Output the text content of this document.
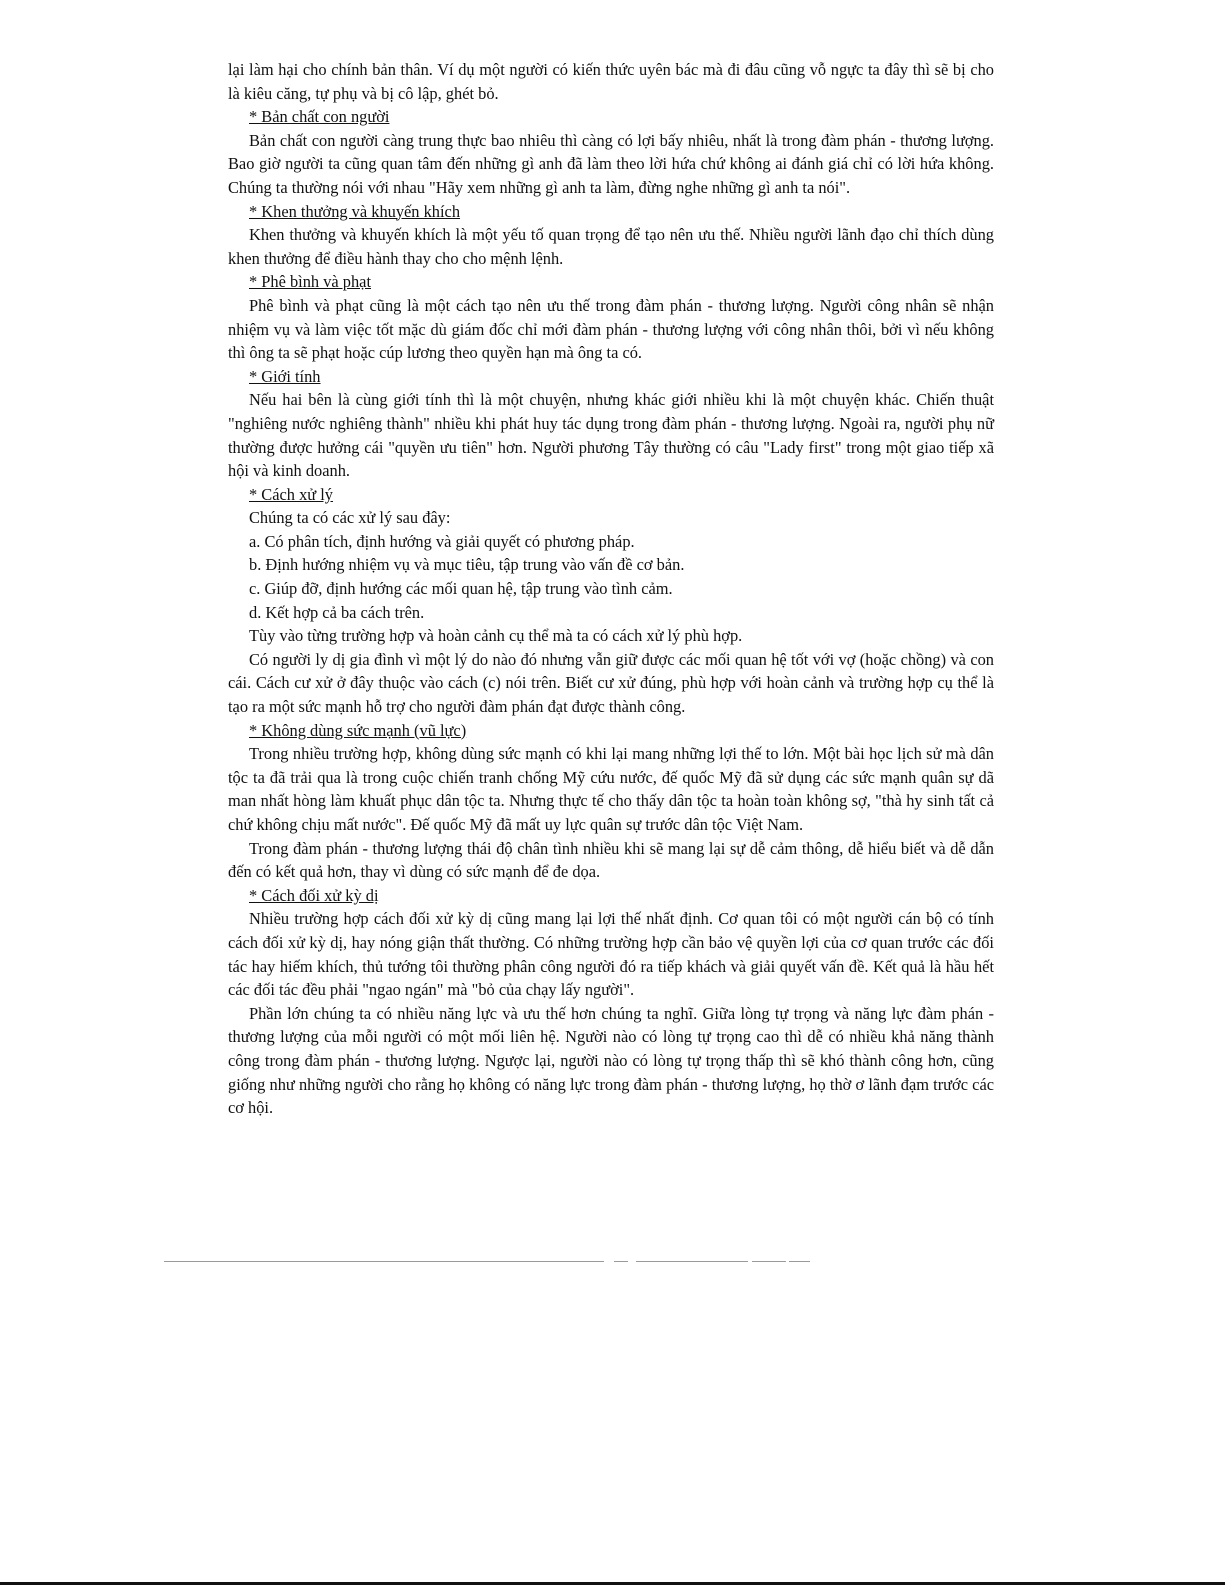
lại làm hại cho chính bản thân. Ví dụ một người có kiến thức uyên bác mà đi đâu cũng vỗ ngực ta đây thì sẽ bị cho là kiêu căng, tự phụ và bị cô lập, ghét bỏ.

* Bản chất con người

Bản chất con người càng trung thực bao nhiêu thì càng có lợi bấy nhiêu, nhất là trong đàm phán - thương lượng. Bao giờ người ta cũng quan tâm đến những gì anh đã làm theo lời hứa chứ không ai đánh giá chỉ có lời hứa không. Chúng ta thường nói với nhau "Hãy xem những gì anh ta làm, đừng nghe những gì anh ta nói".

* Khen thưởng và khuyến khích

Khen thưởng và khuyến khích là một yếu tố quan trọng để tạo nên ưu thế. Nhiều người lãnh đạo chỉ thích dùng khen thưởng để điều hành thay cho cho mệnh lệnh.

* Phê bình và phạt

Phê bình và phạt cũng là một cách tạo nên ưu thế trong đàm phán - thương lượng. Người công nhân sẽ nhận nhiệm vụ và làm việc tốt mặc dù giám đốc chỉ mới đàm phán - thương lượng với công nhân thôi, bởi vì nếu không thì ông ta sẽ phạt hoặc cúp lương theo quyền hạn mà ông ta có.

* Giới tính

Nếu hai bên là cùng giới tính thì là một chuyện, nhưng khác giới nhiều khi là một chuyện khác. Chiến thuật "nghiêng nước nghiêng thành" nhiều khi phát huy tác dụng trong đàm phán - thương lượng. Ngoài ra, người phụ nữ thường được hưởng cái "quyền ưu tiên" hơn. Người phương Tây thường có câu "Lady first" trong một giao tiếp xã hội và kinh doanh.

* Cách xử lý

Chúng ta có các xử lý sau đây:

a. Có phân tích, định hướng và giải quyết có phương pháp.

b. Định hướng nhiệm vụ và mục tiêu, tập trung vào vấn đề cơ bản.

c. Giúp đỡ, định hướng các mối quan hệ, tập trung vào tình cảm.

d. Kết hợp cả ba cách trên.

Tùy vào từng trường hợp và hoàn cảnh cụ thể mà ta có cách xử lý phù hợp.

Có người ly dị gia đình vì một lý do nào đó nhưng vẫn giữ được các mối quan hệ tốt với vợ (hoặc chồng) và con cái. Cách cư xử ở đây thuộc vào cách (c) nói trên. Biết cư xử đúng, phù hợp với hoàn cảnh và trường hợp cụ thể là tạo ra một sức mạnh hỗ trợ cho người đàm phán đạt được thành công.

* Không dùng sức mạnh (vũ lực)

Trong nhiều trường hợp, không dùng sức mạnh có khi lại mang những lợi thế to lớn. Một bài học lịch sử mà dân tộc ta đã trải qua là trong cuộc chiến tranh chống Mỹ cứu nước, đế quốc Mỹ đã sử dụng các sức mạnh quân sự dã man nhất hòng làm khuất phục dân tộc ta. Nhưng thực tế cho thấy dân tộc ta hoàn toàn không sợ, "thà hy sinh tất cả chứ không chịu mất nước". Đế quốc Mỹ đã mất uy lực quân sự trước dân tộc Việt Nam.

Trong đàm phán - thương lượng thái độ chân tình nhiều khi sẽ mang lại sự dễ cảm thông, dễ hiểu biết và dễ dẫn đến có kết quả hơn, thay vì dùng có sức mạnh để đe dọa.

* Cách đối xử kỳ dị

Nhiều trường hợp cách đối xử kỳ dị cũng mang lại lợi thế nhất định. Cơ quan tôi có một người cán bộ có tính cách đối xử kỳ dị, hay nóng giận thất thường. Có những trường hợp cần bảo vệ quyền lợi của cơ quan trước các đối tác hay hiếm khích, thủ tướng tôi thường phân công người đó ra tiếp khách và giải quyết vấn đề. Kết quả là hầu hết các đối tác đều phải "ngao ngán" mà "bỏ của chạy lấy người".

Phần lớn chúng ta có nhiều năng lực và ưu thế hơn chúng ta nghĩ. Giữa lòng tự trọng và năng lực đàm phán - thương lượng của mỗi người có một mối liên hệ. Người nào có lòng tự trọng cao thì dễ có nhiều khả năng thành công trong đàm phán - thương lượng. Ngược lại, người nào có lòng tự trọng thấp thì sẽ khó thành công hơn, cũng giống như những người cho rằng họ không có năng lực trong đàm phán - thương lượng, họ thờ ơ lãnh đạm trước các cơ hội.
